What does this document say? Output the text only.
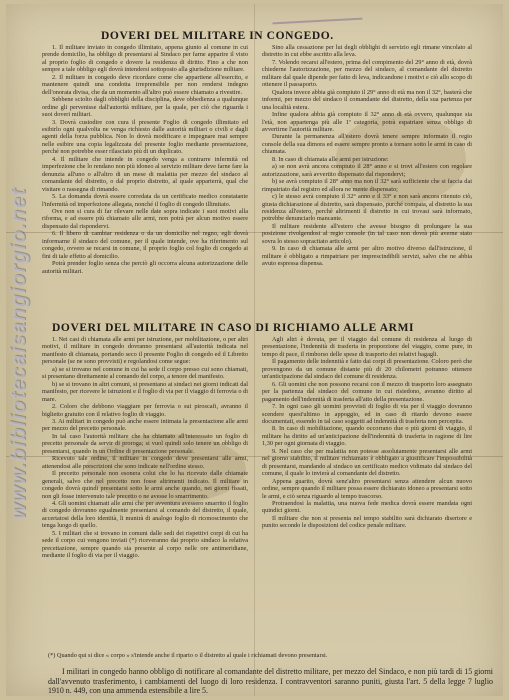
www.bibliotecaisangiorgio.net
DOVERI DEL MILITARE IN CONGEDO.

1. Il militare inviato in congedo illimitato, appena giunto al comune in cui prende domicilio, ha obbligo di presentarsi al Sindaco per farne apparire il visto al proprio foglio di congedo e dovere la residenza di diritto. Fino a che non sempre a tale obbligo egli dovrà intendersi sottoposto alla giurisdizione militare.

2. Il militare in congedo deve ricordare come che appartiene all'esercito, e mantenere quindi una condotta irreprensibile per non rendersi indegno dell'onorata divisa, che da un momento all'altro può essere chiamato a rivestire.

Sebbene sciolto dagli obblighi della disciplina, deve obbedienza a qualunque ordine gli pervenisse dall'autorità militare, per la quale, per ciò che riguarda i suoi doveri militari.

3. Dovrà custodire con cura il presente Foglio di congedo illimitato ed esibirlo ogni qualvolta ne venga richiesto dalle autorità militari o civili e dagli agenti della forza pubblica. Non lo dovrà modificare e impegnare mai sempre nelle esibire una copia legalizzata del presente foglio mediante presentazione, perché non potrebbe esser rilasciato più di un duplicato.

4. Il militare che intende in congedo venga a contrarre infermità od imperfezione che lo rendano non più idoneo al servizio militare deve farne fare la denunzia all'uno o all'altro di un mese di malattia per mezzo del sindaco al comandante del distretto, o dal proprio distretto, al quale apparterrà, qual che visitare o rassegna di rimando.

5. La domanda dovrà essere corredata da un certificato medico constatante l'infermità od imperfezione allegata, nonché il foglio di congedo illimitato.

Ove non si cura di far rilevare nelle date sopra indicate i suoi motivi alla riforma, e ad essere più chiamato alle armi, non potrà per alcun motivo essere dispensato dal rispondervi.

6. Il libero di cambiar residenza o da un domicilio nel regno, egli dovrà informarne il sindaco del comune, per il quale intende, ove ha riferimento sul congedo, ovvero se recarsi in comune, il proprio foglio col foglio di congedo ai fini di tale effetto al domicilio.

Potrà prender foglio senza che perciò gli occorra alcuna autorizzazione delle autorità militari.

Sino alla cessazione per lui degli obblighi di servizio egli rimane vincolato al distretto in cui ebbe ascritto alla leva.

7. Volendo recarsi all'estero, prima del compimento del 29° anno di età, dovrà chiederne l'autorizzazione, per mezzo del sindaco, al comandante del distretto militare dal quale dipende per fatto di leva, indicandone i motivi e ciò allo scopo di ottenere il passaporto.

Qualora invece abbia già compiuto il 29° anno di età ma non il 32°, basterà che informi, per mezzo del sindaco il comandante del distretto, della sua partenza per una località estera.

Infine qualora abbia già compiuto il 32° anno di età ovvero, qualunque sia l'età, non appartenga più alle 1ª categoria, potrà espatriare senza obbligo di avvertirne l'autorità militare.

Durante la permanenza all'estero dovrà tenere sempre informato il regio console della sua dimora ed essere sempre pronto a tornare sotto le armi in caso di chiamata.

8. In caso di chiamata alle armi per istruzione:

a) se non avrà ancora compiuto il 28° anno e si trovi all'estero con regolare autorizzazione, sarà avvertito dispensato dal rispondervi;

b) se avrà compiuto il 28° anno ma non il 32° sarà sufficiente che si faccia dai rimpatriato dal registro ed allora ne mente dispensato;

c) le stesso avrà compiuto il 32° anno e il 33° e non sarà ancora ritenuto ciò, giusta dichiarazione al distretto, sarà dispensato, purché compaia, al distretto la sua residenza all'estero, perchè altrimenti il distretto in cui trovasi sarà informato, potrebbe denunciarlo mancante.

Il militare residente all'estero che avesse bisogno di prolungare la sua posizione rivolgendosi al regio console (in tal caso non dovrà più averne stato sovra lo stesso sopracitato articolo).

9. In caso di chiamata alle armi per altro motivo diverso dall'istruzione, il militare è obbligato a rimpatriare per imprescindibili servizi, salvo che ne abbia avuto espressa dispensa.

DOVERI DEL MILITARE IN CASO DI RICHIAMO ALLE ARMI

1. Nei casi di chiamata alle armi per istruzione, per mobilitazione, o per altri motivi, il militare in congedo dovranno presentarsi all'autorità indicata nel manifesto di chiamata, portando seco il presente Foglio di congedo ed il Libretto personale (se ne sono provvisti) e regolandosi come segue:

a) se si trovano nel comune in cui ha sede il corpo presso cui sono chiamati, si presentano direttamente al comando del corpo, a tenore del manifesto.

b) se si trovano in altri comuni, si presentano ai sindaci nei giorni indicati dal manifesto, per ricevere le istruzioni e il foglio di via per il viaggio di ferrovia o di mare.

2. Coloro che debbono viaggiare per ferrovia o sui piroscafi, avranno il biglietto gratuito con il relativo foglio di viaggio.

3. Ai militari in congedo può anche essere intimata la presentazione alle armi per mezzo del precetto personale.

In tal caso l'autorità militare che ha chiamato all'interessato un foglio di precetto personale da servir di proroga; si vuol quindi solo tenere un obbligo di presentarsi, quando in un Ordine di presentazione personale.

Ricevuto tale ordine, il militare in congedo deve presentarsi alle armi, attenendosi alle prescrizioni che sono indicate nell'ordine stesso.

Il precetto personale non esonera colui che lo ha ricevuto dalle chiamate generali, salvo che nel precetto non fosse altrimenti indicato. Il militare in congedo dovrà quindi presentarsi sotto le armi anche quando, nei giorni fissati, non gli fosse intervenuto tale precetto o ne avesse lo smarrimento.

4. Gli uomini chiamati alle armi che per avventura avessero smarrito il foglio di congedo dovranno egualmente presentarsi al comando del distretto, il quale, accertatosi della loro identità, li munirà di analogo foglio di riconoscimento che tenga luogo di quello.

5. I militari che si trovano in comuni dalle sedi dei rispettivi corpi di cui ha sede il corpo cui vengono inviati (*) riceveranno dai proprio sindaco la relativa precettazione, sempre quando sia presente al corpo nelle ore antimeridiane, mediante il foglio di via per il viaggio.

Agli altri è dovuta, per il viaggio dal comune di residenza al luogo di presentazione, l'indennità di trasferta in proporzione del viaggio, come pure, in tempo di pace, il rimborso delle spese di trasporto dei relativi bagagli.

Il pagamento delle indennità e fatto dai corpi di presentazione. Coloro però che provengono da un comune distante più di 20 chilometri potranno ottenere un'anticipazione dal sindaco del comune di residenza.

6. Gli uomini che non possono recarsi con il mezzo di trasporto loro assegnato per la partenza dal sindaco del comune in cui risiedono, avranno diritto al pagamento dell'indennità di trasferta all'atto della presentazione.

7. In ogni caso gli uomini provvisti di foglio di via per il viaggio dovranno scendere quest'ultimo in appoggio, ed in caso di ritardo devono essere documentati, essendo in tal caso soggetti ad indennità di trasferta non percepita.

8. In caso di mobilitazione, quando occorrano due o più giorni di viaggio, il militare ha diritto ad un'anticipazione dell'indennità di trasferta in ragione di lire 1,30 per ogni giornata di viaggio.

9. Nel caso che per malattia non potesse assolutamente presentarsi alle armi nel giorno stabilito, il militare richiamato è obbligato a giustificare l'impossibilità di presentarsi, mandando al sindaco un certificato medico vidimato dal sindaco del comune, il quale lo invierà al comandante del distretto.

Appena guarito, dovrà senz'altro presentarsi senza attendere alcun nuovo ordine, sempre quando il militare possa essere dichiarato idoneo a presentarsi sotto le armi, e ciò senza riguardo al tempo trascorso.

Protraendosi la malattia, una nuova fede medica dovrà essere mandata ogni quindici giorni.

Il militare che non si presenta nel tempo stabilito sarà dichiarato disertore e punito secondo le disposizioni del codice penale militare.

(*) Quando qui si dice « corpo » s'intende anche il riparto o il distretto al quale i richiamati devono presentarsi.

I militari in congedo hanno obbligo di notificare al comandante del distretto militare, per mezzo del Sindaco, e non più tardi di 15 giorni dall'avvenuto trasferimento, i cambiamenti del luogo di loro residenza. I contravventori saranno puniti, giusta l'art. 5 della legge 7 luglio 1910 n. 449, con una ammenda estensibile a lire 5.
